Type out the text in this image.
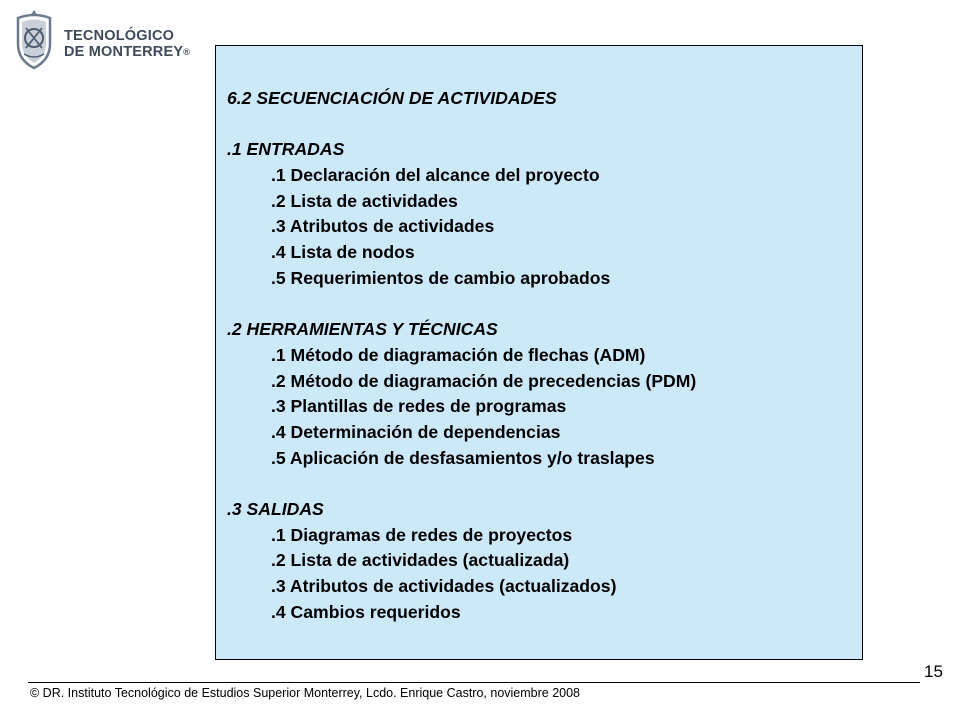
TECNOLÓGICO
DE MONTERREY®
6.2 SECUENCIACIÓN DE ACTIVIDADES
.1 ENTRADAS
.1 Declaración del alcance del proyecto
.2 Lista de actividades
.3 Atributos de actividades
.4 Lista de nodos
.5 Requerimientos de cambio aprobados
.2 HERRAMIENTAS Y TÉCNICAS
.1 Método de diagramación de flechas (ADM)
.2 Método de diagramación de precedencias (PDM)
.3 Plantillas de redes de programas
.4 Determinación de dependencias
.5 Aplicación de desfasamientos y/o traslapes
.3 SALIDAS
.1 Diagramas de redes de proyectos
.2 Lista de actividades (actualizada)
.3 Atributos de actividades (actualizados)
.4 Cambios requeridos
15
© DR. Instituto Tecnológico de Estudios Superior Monterrey, Lcdo. Enrique Castro, noviembre 2008
